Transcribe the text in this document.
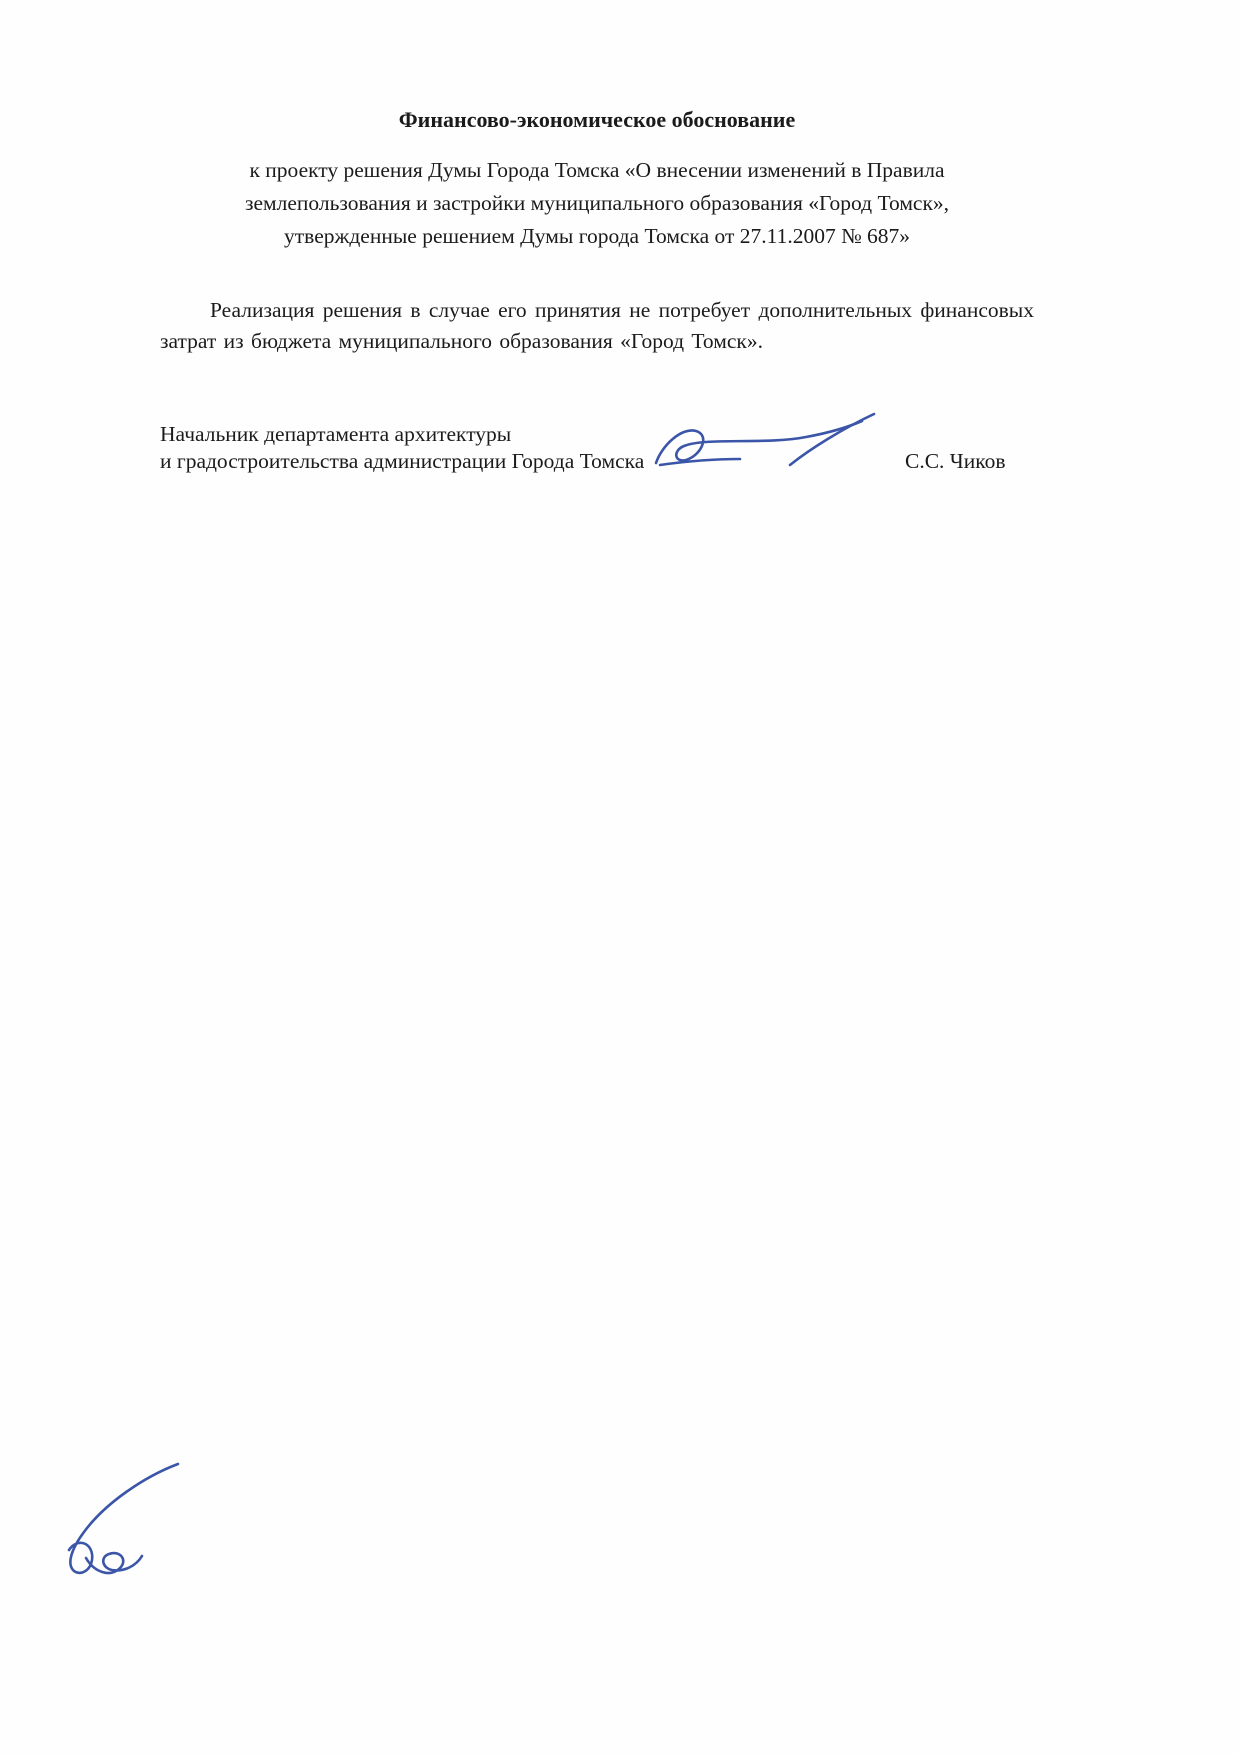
Финансово-экономическое обоснование

к проекту решения Думы Города Томска «О внесении изменений в Правила
землепользования и застройки муниципального образования «Город Томск»,
утвержденные решением Думы города Томска от 27.11.2007 № 687»

Реализация решения в случае его принятия не потребует дополнительных финансовых затрат из бюджета муниципального образования «Город Томск».

Начальник департамента архитектуры
и градостроительства администрации Города Томска	С.С. Чиков
